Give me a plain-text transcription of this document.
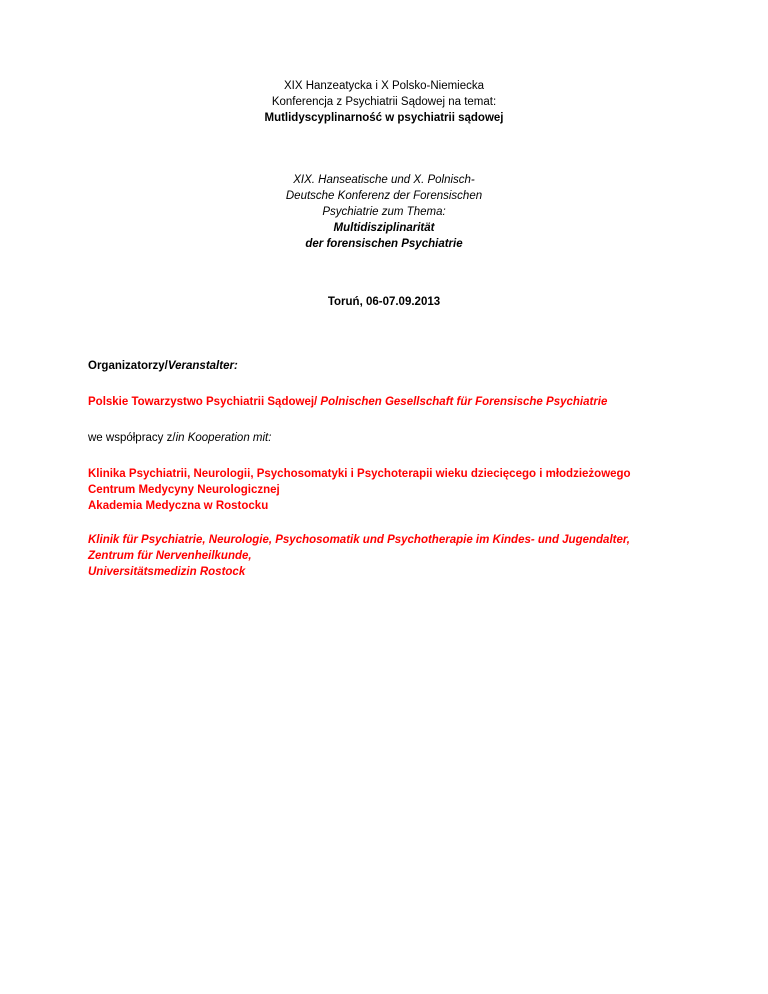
XIX Hanzeatycka i X Polsko-Niemiecka
Konferencja z Psychiatrii Sądowej na temat:
Mutlidyscyplinarność w psychiatrii sądowej
XIX. Hanseatische und X. Polnisch-
Deutsche Konferenz der Forensischen
Psychiatrie zum Thema:
Multidisziplinarität
der forensischen Psychiatrie
Toruń, 06-07.09.2013

Organizatorzy/Veranstalter:

Polskie Towarzystwo Psychiatrii Sądowej/ Polnischen Gesellschaft für Forensische Psychiatrie

we współpracy z/in Kooperation mit:

Klinika Psychiatrii, Neurologii, Psychosomatyki i Psychoterapii wieku dziecięcego i młodzieżowego
Centrum Medycyny Neurologicznej
Akademia Medyczna w Rostocku

Klinik für Psychiatrie, Neurologie, Psychosomatik und Psychotherapie im Kindes- und Jugendalter,
Zentrum für Nervenheilkunde,
Universitätsmedizin Rostock
